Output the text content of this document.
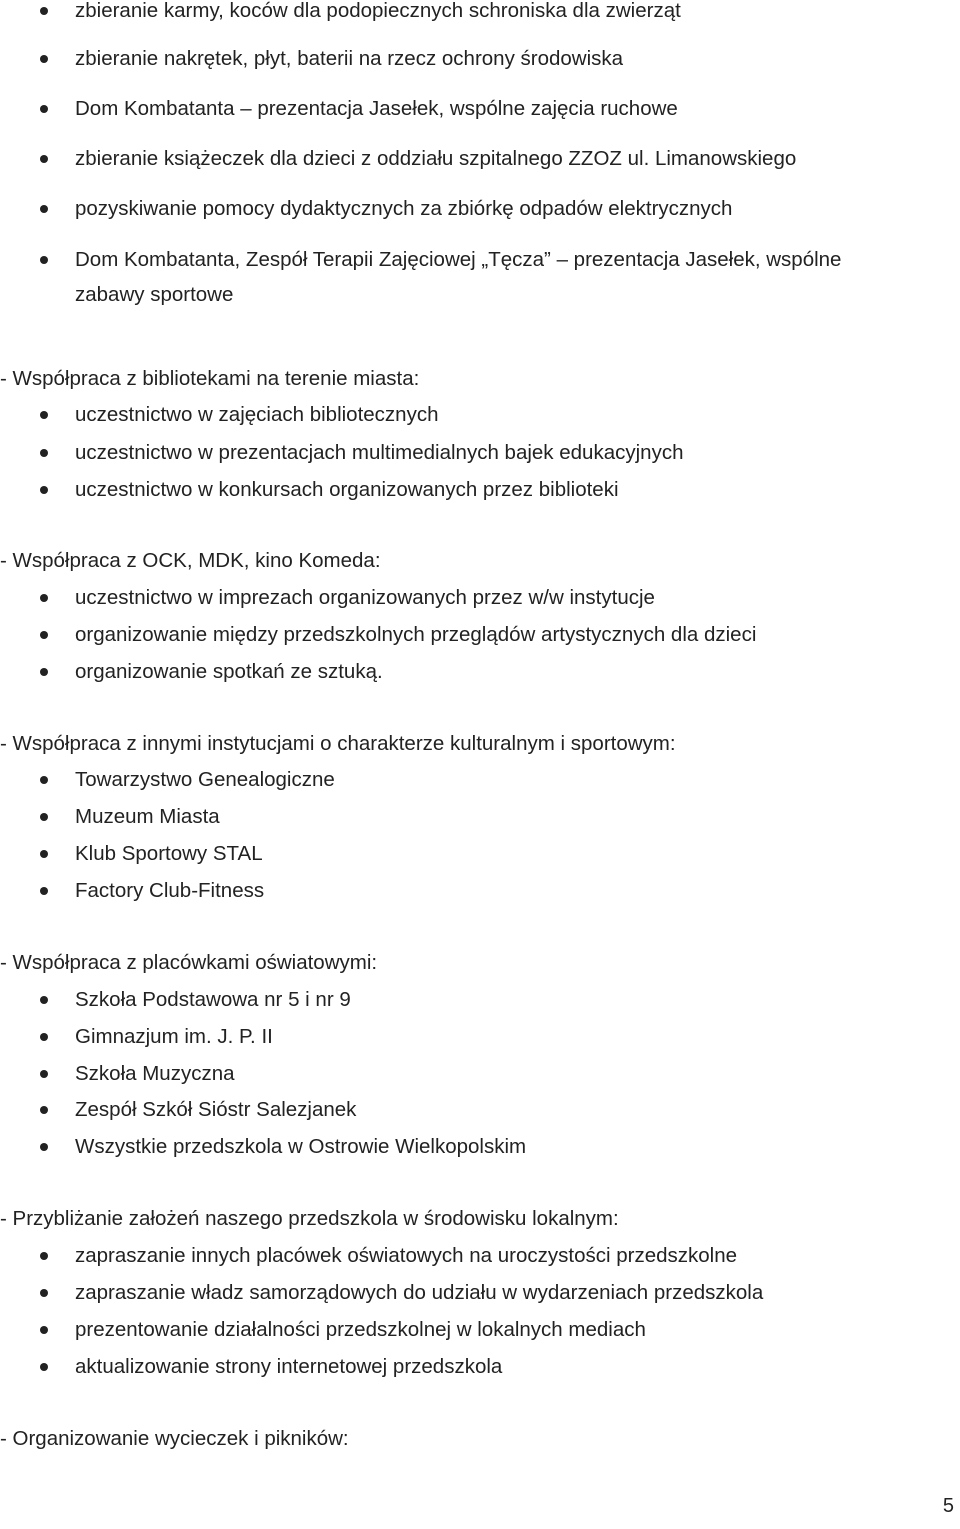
zbieranie karmy, koców dla podopiecznych schroniska dla zwierząt
zbieranie nakrętek, płyt, baterii na rzecz ochrony środowiska
Dom Kombatanta – prezentacja Jasełek, wspólne zajęcia ruchowe
zbieranie książeczek dla dzieci z oddziału szpitalnego ZZOZ ul. Limanowskiego
pozyskiwanie pomocy dydaktycznych za zbiórkę odpadów elektrycznych
Dom Kombatanta, Zespół Terapii Zajęciowej „Tęcza” – prezentacja Jasełek, wspólne
zabawy sportowe
- Współpraca z bibliotekami na terenie miasta:
uczestnictwo w zajęciach bibliotecznych
uczestnictwo w prezentacjach multimedialnych bajek edukacyjnych
uczestnictwo w konkursach organizowanych przez biblioteki
- Współpraca z OCK, MDK, kino Komeda:
uczestnictwo w imprezach organizowanych przez w/w instytucje
organizowanie między przedszkolnych przeglądów artystycznych dla dzieci
organizowanie spotkań ze sztuką.
- Współpraca z innymi instytucjami o charakterze kulturalnym i sportowym:
Towarzystwo Genealogiczne
Muzeum Miasta
Klub Sportowy STAL
Factory Club-Fitness
- Współpraca z placówkami oświatowymi:
Szkoła Podstawowa nr 5 i nr 9
Gimnazjum im. J. P. II
Szkoła Muzyczna
Zespół Szkół Sióstr Salezjanek
Wszystkie przedszkola w Ostrowie Wielkopolskim
- Przybliżanie założeń naszego przedszkola w środowisku lokalnym:
zapraszanie innych placówek oświatowych na uroczystości przedszkolne
zapraszanie władz samorządowych do udziału w wydarzeniach przedszkola
prezentowanie działalności przedszkolnej w lokalnych mediach
aktualizowanie strony internetowej przedszkola
- Organizowanie wycieczek i pikników:
5
